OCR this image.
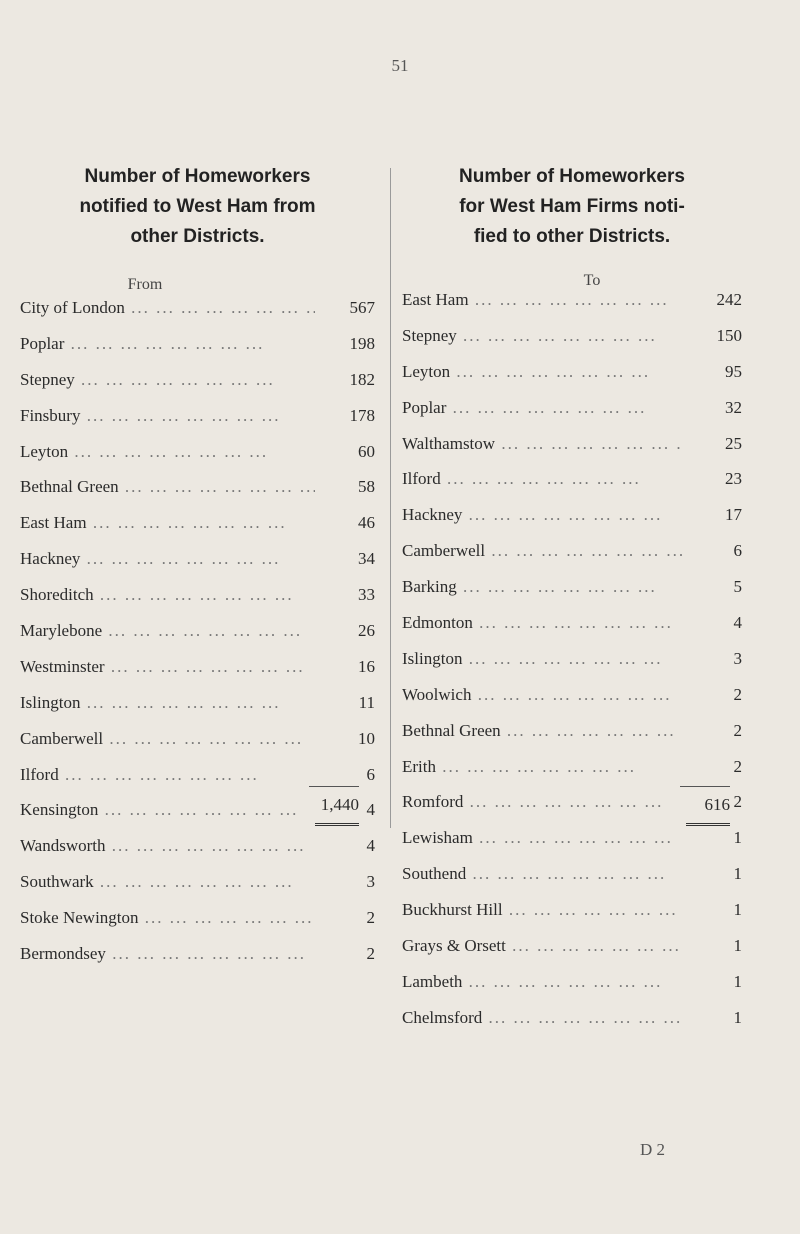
51
Number of Homeworkers
notified to West Ham from
other Districts.
From
City of London ...	567
Poplar ...	198
Stepney ...	182
Finsbury ...	178
Leyton ...	60
Bethnal Green ...	58
East Ham ...	46
Hackney ...	34
Shoreditch ...	33
Marylebone ...	26
Westminster ...	16
Islington ...	11
Camberwell ...	10
Ilford ...	6
Kensington ...	4
Wandsworth ...	4
Southwark ...	3
Stoke Newington ...	2
Bermondsey ...	2
1,440
Number of Homeworkers
for West Ham Firms noti-
fied to other Districts.
To
East Ham ...	242
Stepney ...	150
Leyton ...	95
Poplar ...	32
Walthamstow ...	25
Ilford ...	23
Hackney ...	17
Camberwell ...	6
Barking ...	5
Edmonton ...	4
Islington ...	3
Woolwich ...	2
Bethnal Green ...	2
Erith ...	2
Romford ...	2
Lewisham ...	1
Southend ...	1
Buckhurst Hill ...	1
Grays & Orsett ...	1
Lambeth ...	1
Chelmsford ...	1
616
D 2
